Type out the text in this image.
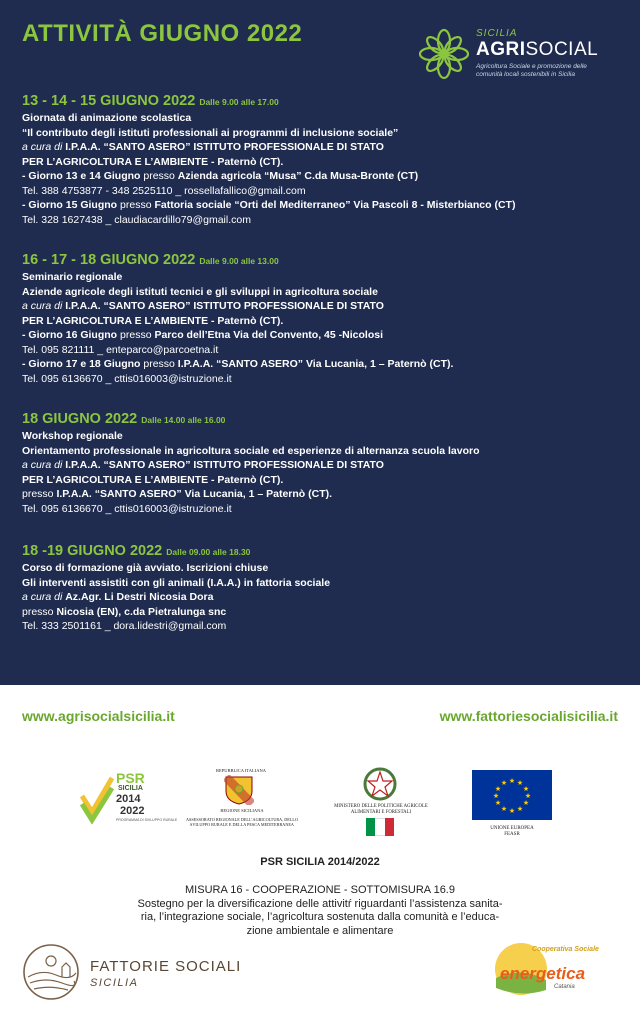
ATTIVITÀ GIUGNO 2022	SICILIA
AGRISOCIAL
Agricoltura Sociale e promozione delle
comunità locali sostenibili in Sicilia
13 - 14 - 15 GIUGNO 2022 Dalle 9.00 alle 17.00
Giornata di animazione scolastica
“Il contributo degli istituti professionali ai programmi di inclusione sociale”
a cura di I.P.A.A. “SANTO ASERO” ISTITUTO PROFESSIONALE DI STATO
PER L’AGRICOLTURA E L’AMBIENTE - Paternò (CT).
- Giorno 13 e 14 Giugno presso Azienda agricola “Musa” C.da Musa-Bronte (CT)
Tel. 388 4753877 - 348 2525110 _ rossellafallico@gmail.com
- Giorno 15 Giugno presso Fattoria sociale “Orti del Mediterraneo” Via Pascoli 8 - Misterbianco (CT)
Tel. 328 1627438 _ claudiacardillo79@gmail.com
16 - 17 - 18 GIUGNO 2022 Dalle 9.00 alle 13.00
Seminario regionale
Aziende agricole degli istituti tecnici e gli sviluppi in agricoltura sociale
a cura di I.P.A.A. “SANTO ASERO” ISTITUTO PROFESSIONALE DI STATO
PER L’AGRICOLTURA E L’AMBIENTE - Paternò (CT).
- Giorno 16 Giugno presso Parco dell’Etna Via del Convento, 45 -Nicolosi
Tel. 095 821111 _ enteparco@parcoetna.it
- Giorno 17 e 18 Giugno presso I.P.A.A. “SANTO ASERO” Via Lucania, 1 – Paternò (CT).
Tel. 095 6136670 _ cttis016003@istruzione.it
18 GIUGNO 2022 Dalle 14.00 alle 16.00
Workshop regionale
Orientamento professionale in agricoltura sociale ed esperienze di alternanza scuola lavoro
a cura di I.P.A.A. “SANTO ASERO” ISTITUTO PROFESSIONALE DI STATO
PER L’AGRICOLTURA E L’AMBIENTE - Paternò (CT).
presso I.P.A.A. “SANTO ASERO” Via Lucania, 1 – Paternò (CT).
Tel. 095 6136670 _ cttis016003@istruzione.it
18 -19 GIUGNO 2022 Dalle 09.00 alle 18.30
Corso di formazione già avviato. Iscrizioni chiuse
Gli interventi assistiti con gli animali (I.A.A.) in fattoria sociale
a cura di Az.Agr. Li Destri Nicosia Dora
presso Nicosia (EN), c.da Pietralunga snc
Tel. 333 2501161 _ dora.lidestri@gmail.com
www.agrisocialsicilia.it	www.fattoriesocialisicilia.it
PSR
SICILIA
2014
2022
PROGRAMMA DI SVILUPPO RURALE
REPUBBLICA ITALIANA
REGIONE SICILIANA
ASSESSORATO REGIONALE DELL’AGRICOLTURA, DELLO SVILUPPO RURALE E DELLA PESCA MEDITERRANEA
MINISTERO DELLE POLITICHE AGRICOLE ALIMENTARI E FORESTALI
★ ★
★
★
★
★
★
★
★
★
★
★
UNIONE EUROPEA
FEASR
PSR SICILIA 2014/2022
MISURA 16 - COOPERAZIONE - SOTTOMISURA 16.9
Sostegno per la diversificazione delle attivitŕ riguardanti l’assistenza sanita-
ria, l’integrazione sociale, l’agricoltura sostenuta dalla comunità e l’educa-
zione ambientale e alimentare
FATTORIE SOCIALI
SICILIA
Cooperativa Sociale
energetica
Catania
